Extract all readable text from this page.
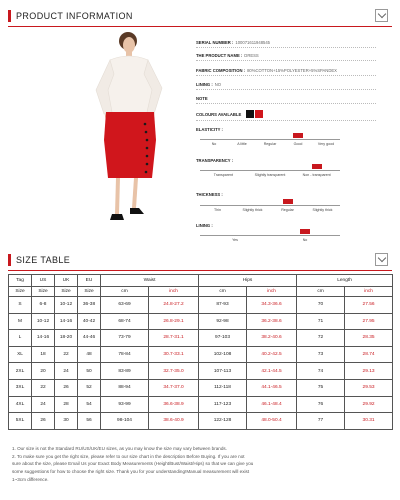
PRODUCT INFORMATION
SERIAL NUMBER : 100071611948545
THE PRODUCT NAME : DRESS
FABRIC COMPOSITION : 80%COTTON+15%POLYESTER+5%SPANDEX
LINING : NO
NOTE
COLOURS AVAILABLE
ELASTICITY :
No	A little	Regular	Good	Very good
TRANSPARENCY :
Transparent	Slightly transparent	Non - transparent
THICKNESS :
Thin	Slightly thick	Regular	Slightly thick
LINING :
Yes	No
SIZE TABLE
Tag	US	UK	EU	Waist		Hips		Length	
Size	Size	Size	Size	cm	inch	cm	inch	cm	inch
S	6-8	10-12	36-38	63-69	24.8-27.2	87-93	34.3-36.6	70	27.56
M	10-12	14-16	40-42	68-74	26.8-29.1	92-98	36.2-38.6	71	27.95
L	14-16	18-20	44-46	73-79	28.7-31.1	97-103	38.2-40.6	72	28.35
XL	18	22	48	78-84	30.7-33.1	102-108	40.2-42.5	73	28.74
2XL	20	24	50	83-89	32.7-35.0	107-113	42.1-44.5	74	29.13
3XL	22	26	52	88-94	34.7-37.0	112-118	44.1-46.5	75	29.53
4XL	24	28	54	93-99	36.6-38.9	117-123	46.1-48.4	76	29.92
5XL	26	30	56	98-104	38.6-40.9	122-128	48.0-50.4	77	30.31
1. Our size is not the Standard RU/US/UK/EU sizes, as you may know the size may vary between brands.
2. To make sure you get the right size, please refer to our size chart in the description Before Buying. If you are not
sure about the size, please Email Us your Exact Body Measurements (Height/Bust/Waist/Hips) so that we can give you
some suggestions for how to choose the right size. Thank you for your understanding!Manual measurement will exist
1~3cm difference.
